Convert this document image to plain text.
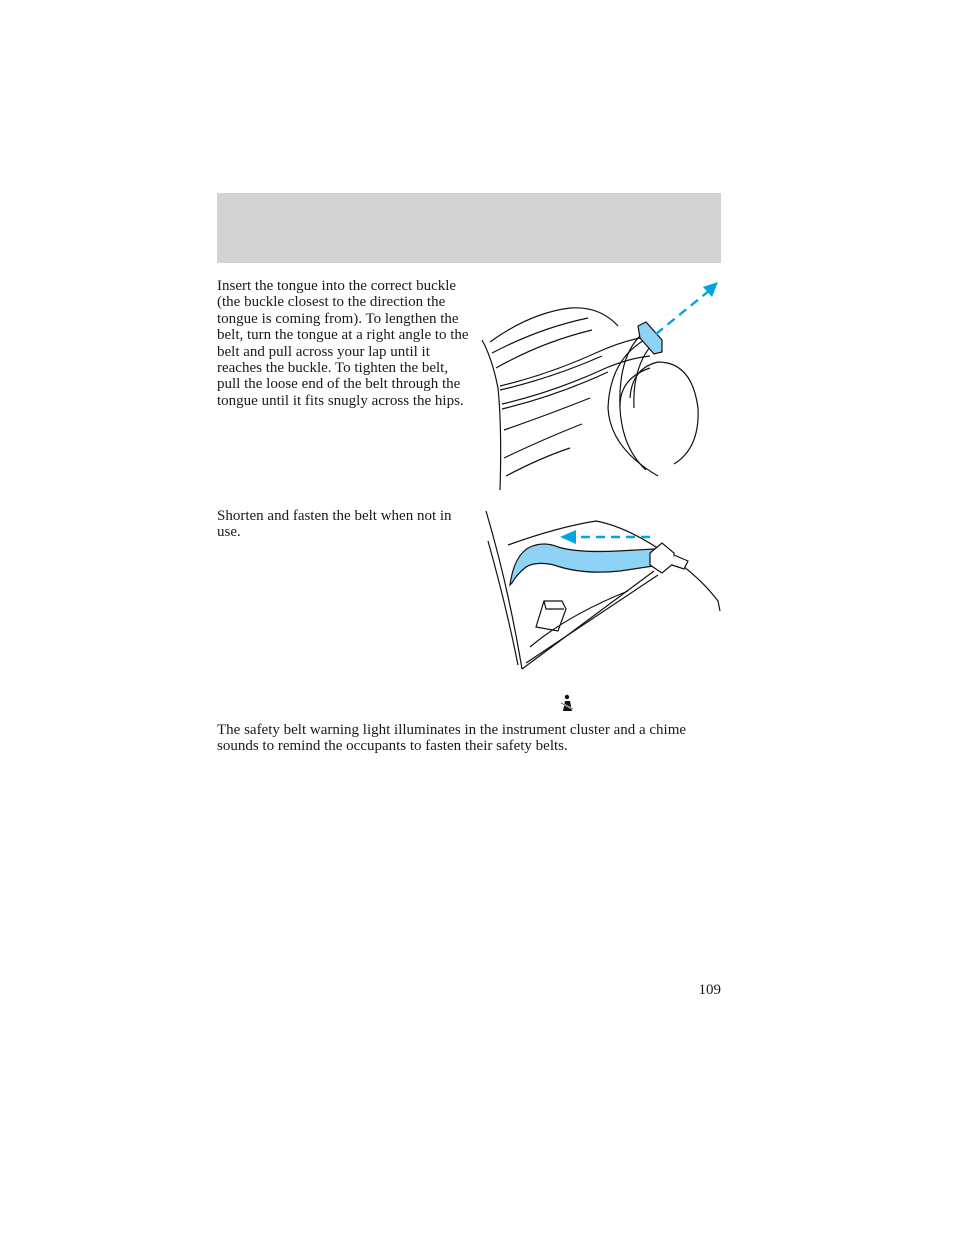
Insert the tongue into the correct buckle (the buckle closest to the direction the tongue is coming from). To lengthen the belt, turn the tongue at a right angle to the belt and pull across your lap until it reaches the buckle. To tighten the belt, pull the loose end of the belt through the tongue until it fits snugly across the hips.

Shorten and fasten the belt when not in use.

The safety belt warning light illuminates in the instrument cluster and a chime sounds to remind the occupants to fasten their safety belts.

109
